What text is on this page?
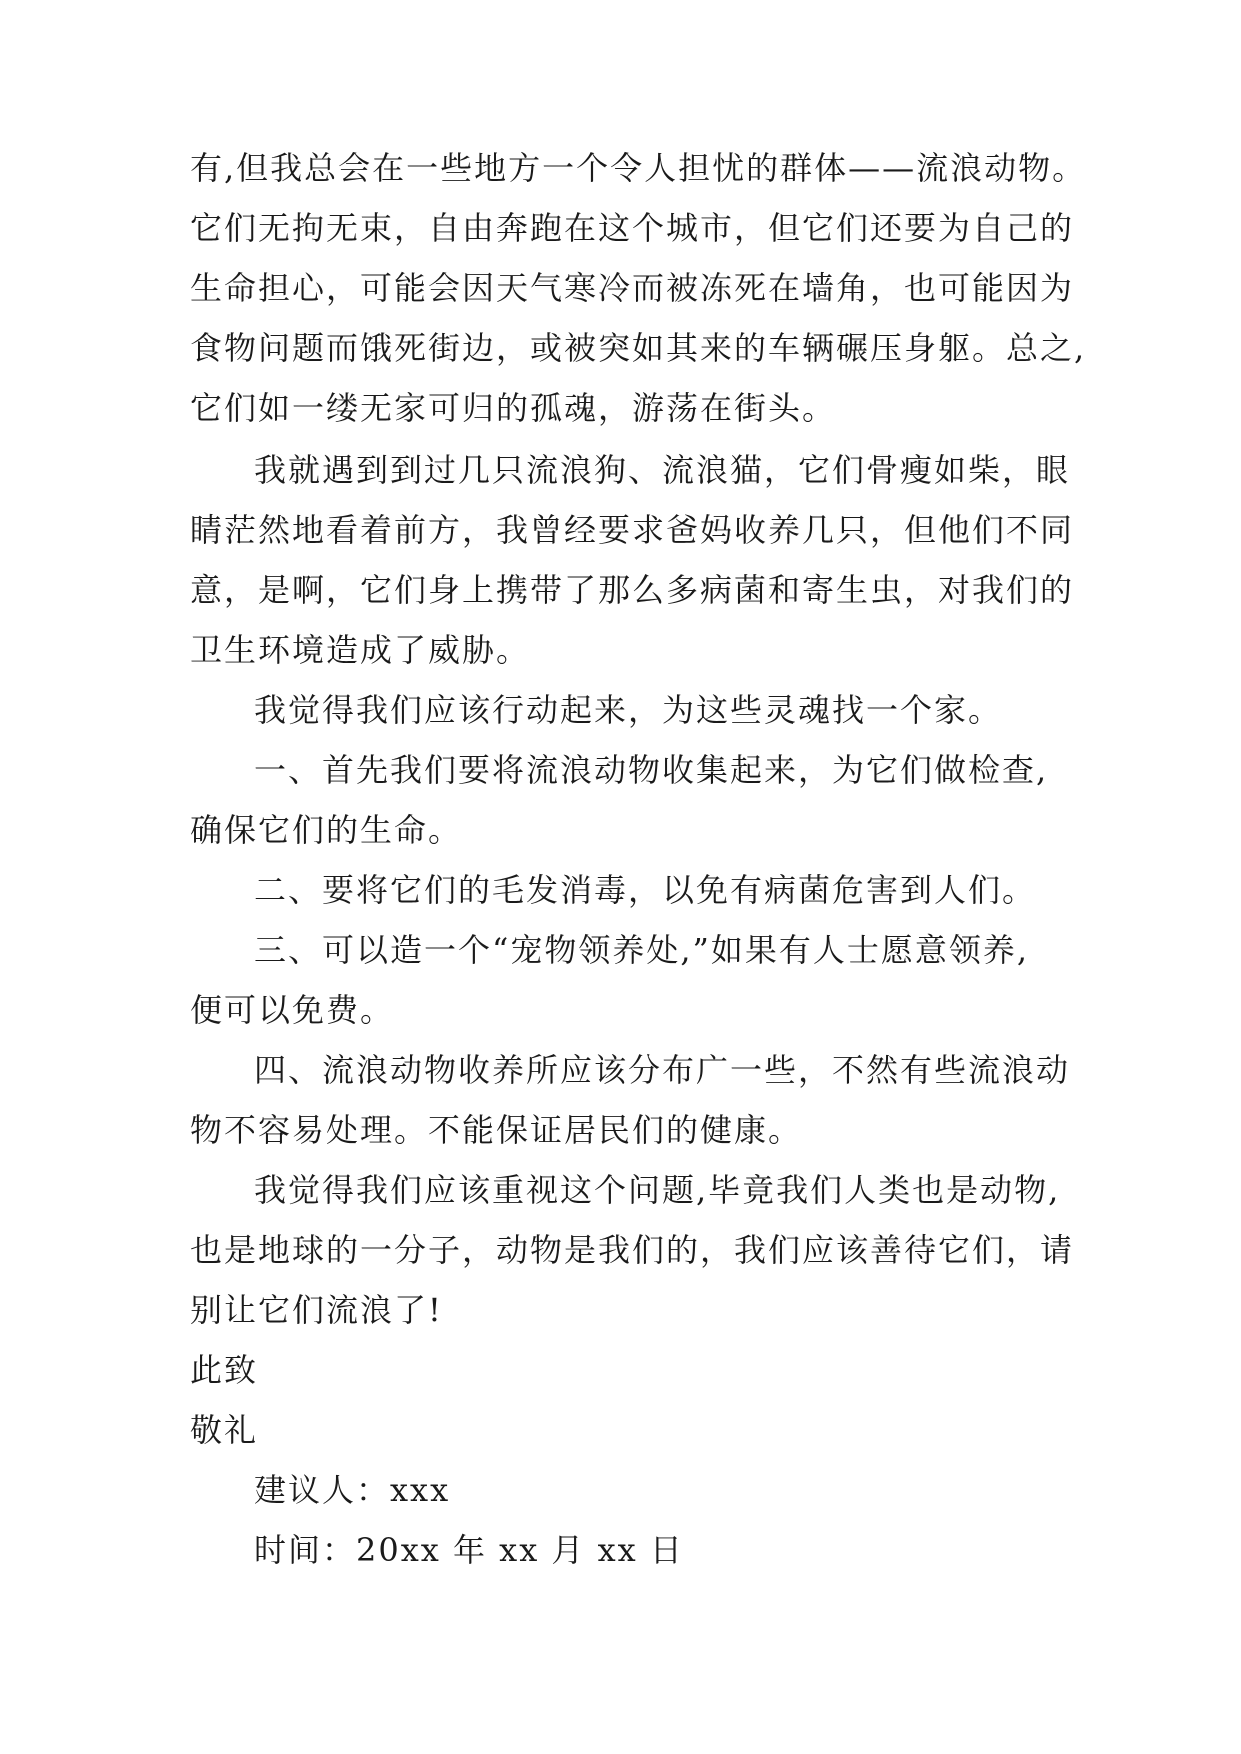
有,但我总会在一些地方一个令人担忧的群体——流浪动物。
它们无拘无束，自由奔跑在这个城市，但它们还要为自己的
生命担心，可能会因天气寒冷而被冻死在墙角，也可能因为
食物问题而饿死街边，或被突如其来的车辆碾压身躯。总之,
它们如一缕无家可归的孤魂，游荡在街头。
我就遇到到过几只流浪狗、流浪猫，它们骨瘦如柴，眼
睛茫然地看着前方，我曾经要求爸妈收养几只，但他们不同
意，是啊，它们身上携带了那么多病菌和寄生虫，对我们的
卫生环境造成了威胁。
我觉得我们应该行动起来，为这些灵魂找一个家。
一、首先我们要将流浪动物收集起来，为它们做检查,
确保它们的生命。
二、要将它们的毛发消毒，以免有病菌危害到人们。
三、可以造一个“宠物领养处,”如果有人士愿意领养,
便可以免费。
四、流浪动物收养所应该分布广一些，不然有些流浪动
物不容易处理。不能保证居民们的健康。
我觉得我们应该重视这个问题,毕竟我们人类也是动物,
也是地球的一分子，动物是我们的，我们应该善待它们，请
别让它们流浪了!
此致
敬礼
建议人：xxx
时间：20xx 年 xx 月 xx 日
